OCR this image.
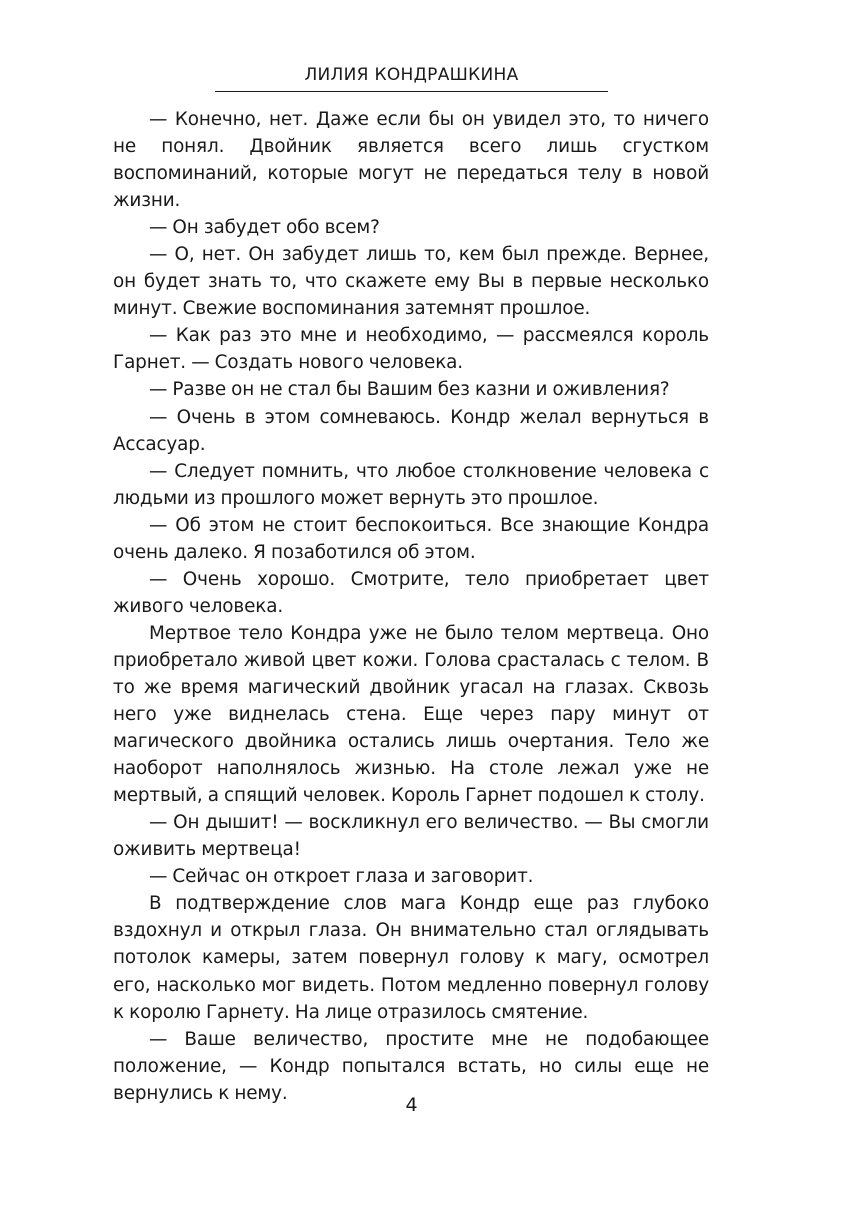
ЛИЛИЯ КОНДРАШКИНА

— Конечно, нет. Даже если бы он увидел это, то ничего не понял. Двойник является всего лишь сгустком воспоминаний, которые могут не передаться телу в новой жизни.

— Он забудет обо всем?

— О, нет. Он забудет лишь то, кем был прежде. Вернее, он будет знать то, что скажете ему Вы в первые несколько минут. Свежие воспоминания затемнят прошлое.

— Как раз это мне и необходимо, — рассмеялся король Гарнет. — Создать нового человека.

— Разве он не стал бы Вашим без казни и оживления?

— Очень в этом сомневаюсь. Кондр желал вернуться в Ассасуар.

— Следует помнить, что любое столкновение человека с людьми из прошлого может вернуть это прошлое.

— Об этом не стоит беспокоиться. Все знающие Кондра очень далеко. Я позаботился об этом.

— Очень хорошо. Смотрите, тело приобретает цвет живого человека.

Мертвое тело Кондра уже не было телом мертвеца. Оно приобретало живой цвет кожи. Голова срасталась с телом. В то же время магический двойник угасал на глазах. Сквозь него уже виднелась стена. Еще через пару минут от магического двойника остались лишь очертания. Тело же наоборот наполнялось жизнью. На столе лежал уже не мертвый, а спящий человек. Король Гарнет подошел к столу.

— Он дышит! — воскликнул его величество. — Вы смогли оживить мертвеца!

— Сейчас он откроет глаза и заговорит.

В подтверждение слов мага Кондр еще раз глубоко вздохнул и открыл глаза. Он внимательно стал оглядывать потолок камеры, затем повернул голову к магу, осмотрел его, насколько мог видеть. Потом медленно повернул голову к королю Гарнету. На лице отразилось смятение.

— Ваше величество, простите мне не подобающее положение, — Кондр попытался встать, но силы еще не вернулись к нему.

4
